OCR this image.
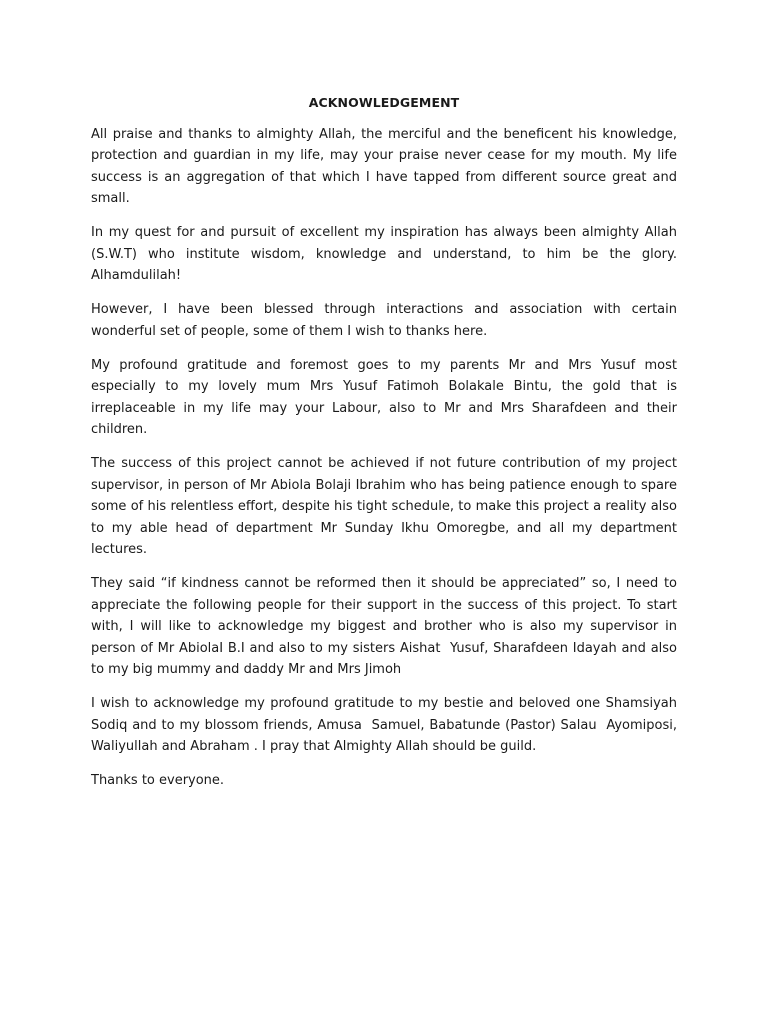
ACKNOWLEDGEMENT

All praise and thanks to almighty Allah, the merciful and the beneficent his knowledge, protection and guardian in my life, may your praise never cease for my mouth. My life success is an aggregation of that which I have tapped from different source great and small.

In my quest for and pursuit of excellent my inspiration has always been almighty Allah (S.W.T) who institute wisdom, knowledge and understand, to him be the glory. Alhamdulilah!

However, I have been blessed through interactions and association with certain wonderful set of people, some of them I wish to thanks here.

My profound gratitude and foremost goes to my parents Mr and Mrs Yusuf most especially to my lovely mum Mrs Yusuf Fatimoh Bolakale Bintu, the gold that is irreplaceable in my life may your Labour, also to Mr and Mrs Sharafdeen and their children.

The success of this project cannot be achieved if not future contribution of my project supervisor, in person of Mr Abiola Bolaji Ibrahim who has being patience enough to spare some of his relentless effort, despite his tight schedule, to make this project a reality also to my able head of department Mr Sunday Ikhu Omoregbe, and all my department lectures.

They said “if kindness cannot be reformed then it should be appreciated” so, I need to appreciate the following people for their support in the success of this project. To start with, I will like to acknowledge my biggest and brother who is also my supervisor in person of Mr AbiolaI B.I and also to my sisters Aishat  Yusuf, Sharafdeen Idayah and also to my big mummy and daddy Mr and Mrs Jimoh

I wish to acknowledge my profound gratitude to my bestie and beloved one Shamsiyah  Sodiq and to my blossom friends, Amusa  Samuel, Babatunde (Pastor) Salau  Ayomiposi,  Waliyullah and Abraham . I pray that Almighty Allah should be guild.

Thanks to everyone.
